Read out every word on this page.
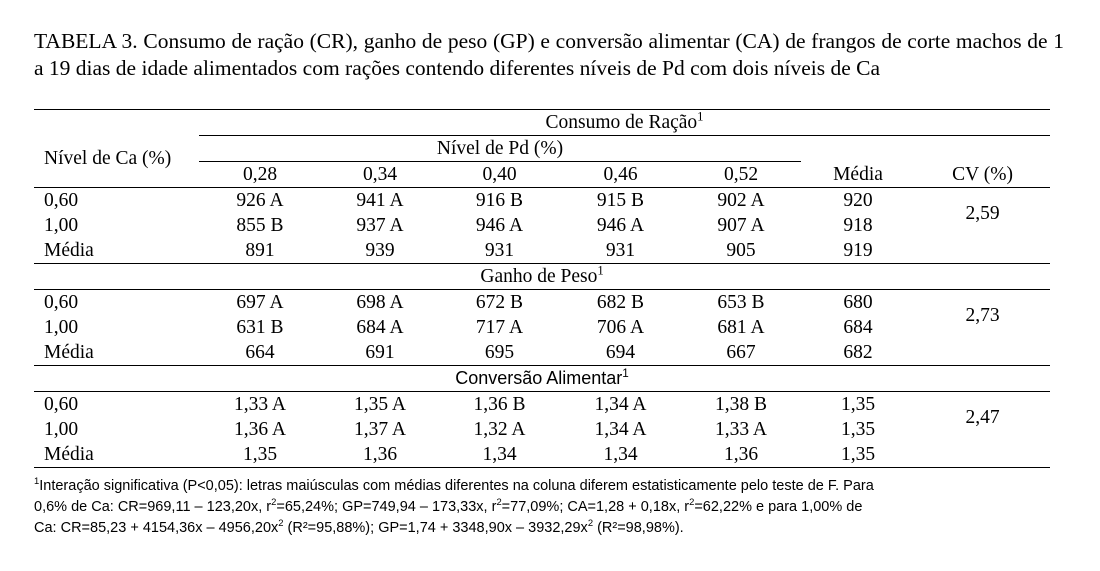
TABELA 3. Consumo de ração (CR), ganho de peso (GP) e conversão alimentar (CA) de frangos de corte machos de 1 a 19 dias de idade alimentados com rações contendo diferentes níveis de Pd com dois níveis de Ca
	Consumo de Ração$^1$
Nível de Ca (%)	Nível de Pd (%)						
	0,28	0,34	0,40	0,46	0,52	Média	CV (%)
0,60	926 A	941 A	916 B	915 B	902 A	920	2,59
1,00	855 B	937 A	946 A	946 A	907 A	918	
Média	891	939	931	931	905	919	
Ganho de Peso$^1$
0,60	697 A	698 A	672 B	682 B	653 B	680	2,73
1,00	631 B	684 A	717 A	706 A	681 A	684	
Média	664	691	695	694	667	682	
Conversão Alimentar$^1$
0,60	1,33 A	1,35 A	1,36 B	1,34 A	1,38 B	1,35	2,47
1,00	1,36 A	1,37 A	1,32 A	1,34 A	1,33 A	1,35	
Média	1,35	1,36	1,34	1,34	1,36	1,35	
$^1$Interação significativa (P<0,05): letras maiúsculas com médias diferentes na coluna diferem estatisticamente pelo teste de F. Para
0,6% de Ca: CR=969,11 – 123,20x, $r^2=65,24\%$; GP=749,94 – 173,33x, $r^2=77,09\%$; CA=1,28 + 0,18x, $r^2=62,22\%$ e para 1,00% de
Ca: $CR=85,23 + 4154,36x - 4956,20x^2$ (R²=95,88%); $GP=1,74 + 3348,90x - 3932,29x^2$ (R²=98,98%).
